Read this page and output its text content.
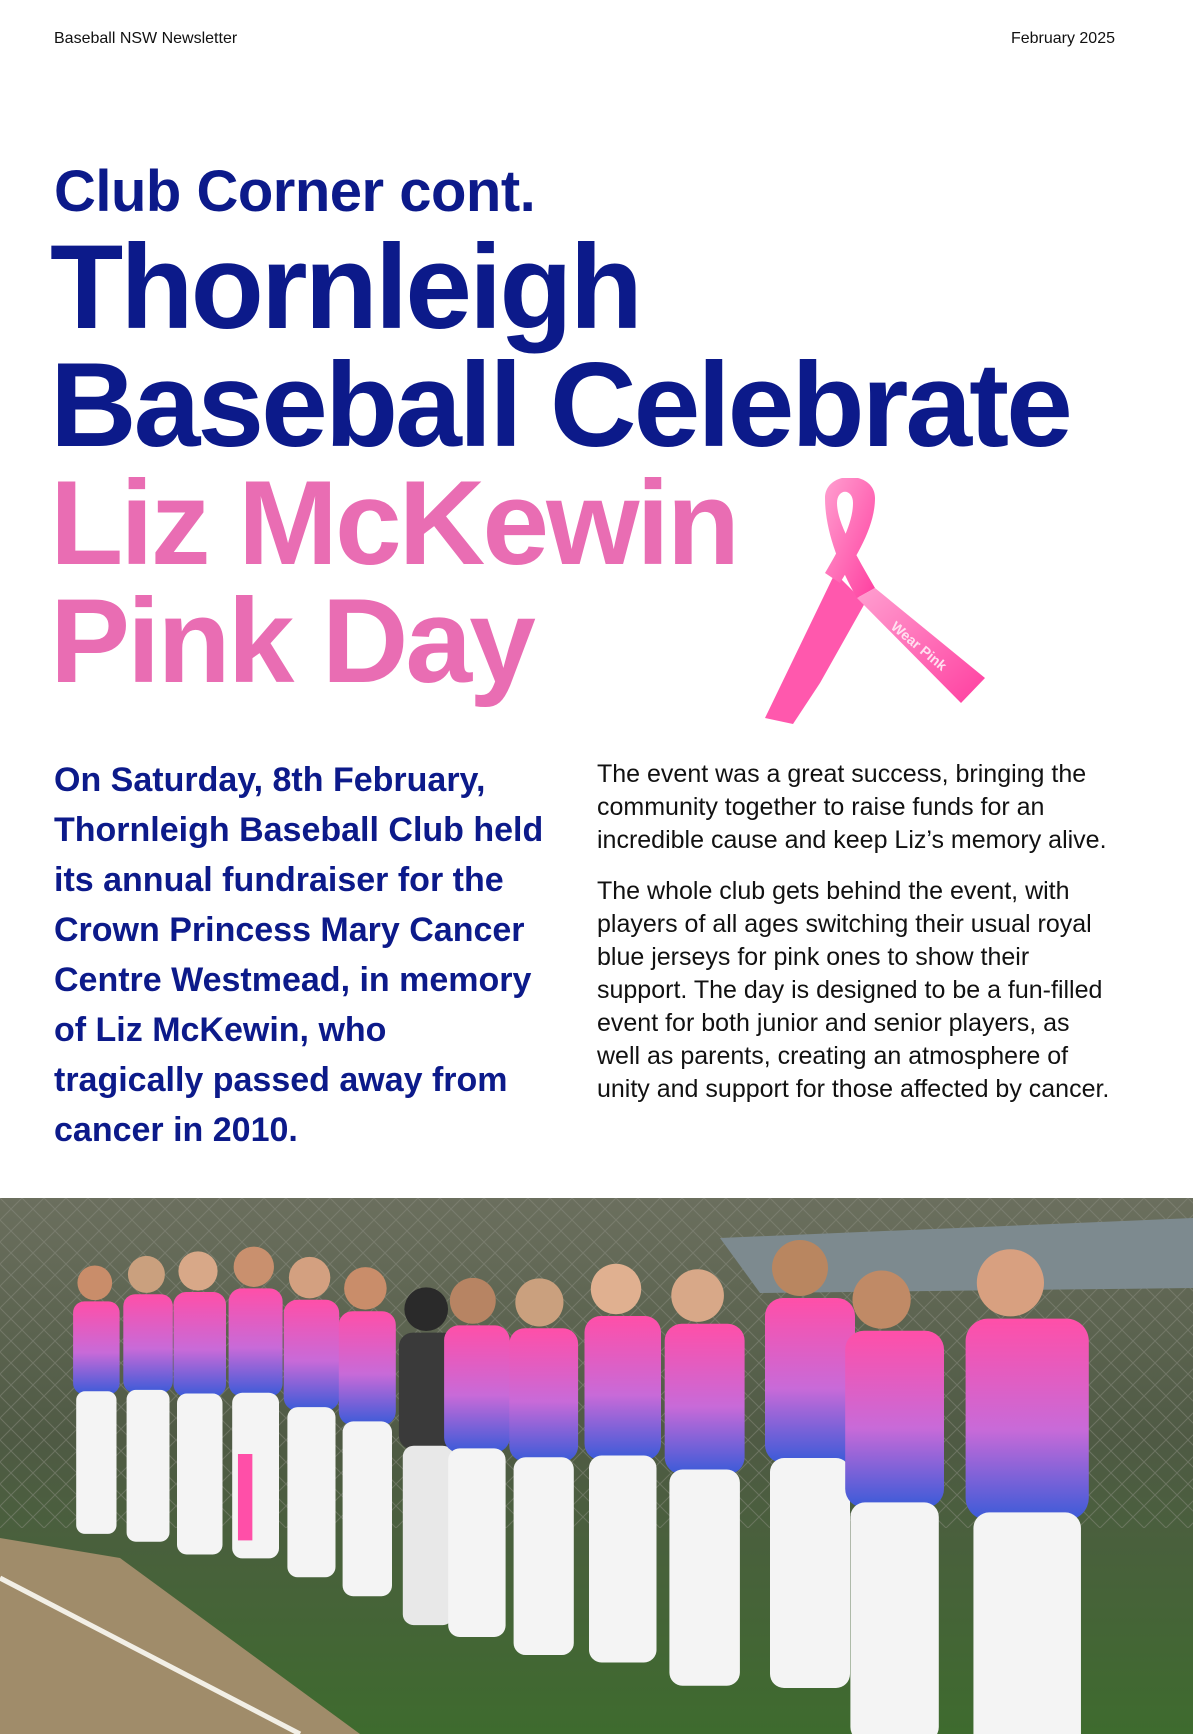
Baseball NSW Newsletter	February 2025
Club Corner cont.
Thornleigh
Baseball Celebrate
Liz McKewin
Pink Day	Wear Pink
On Saturday, 8th February, Thornleigh Baseball Club held its annual fundraiser for the Crown Princess Mary Cancer Centre Westmead, in memory of Liz McKewin, who tragically passed away from cancer in 2010.

The event was a great success, bringing the community together to raise funds for an incredible cause and keep Liz’s memory alive.

The whole club gets behind the event, with players of all ages switching their usual royal blue jerseys for pink ones to show their support. The day is designed to be a fun-filled event for both junior and senior players, as well as parents, creating an atmosphere of unity and support for those affected by cancer.
